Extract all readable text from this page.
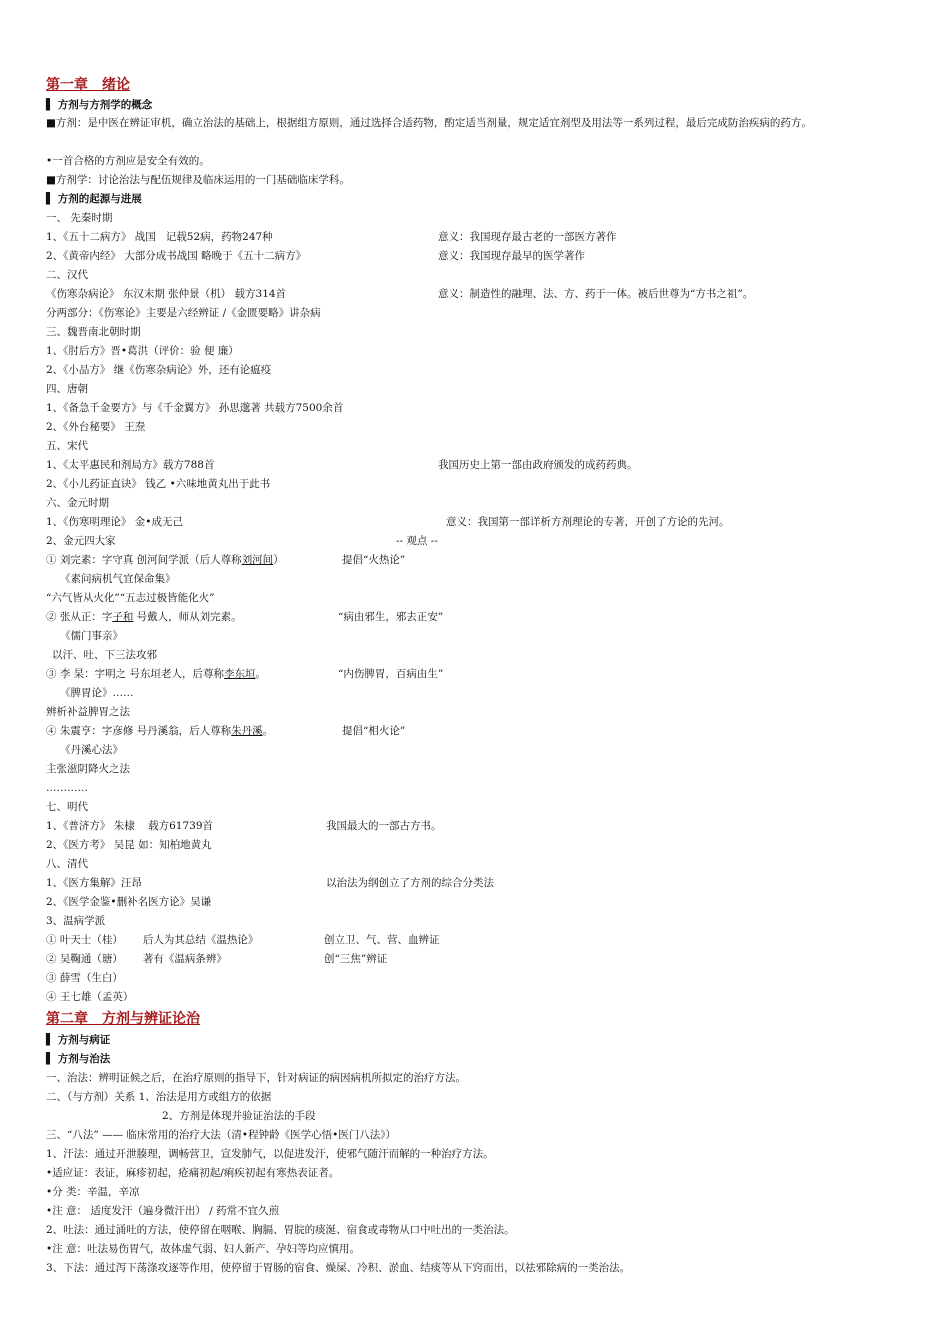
第一章　绪论
▌ 方剂与方剂学的概念
■方剂：是中医在辨证审机，确立治法的基础上，根据组方原则，通过选择合适药物，酌定适当剂量，规定适宜剂型及用法等一系列过程，最后完成防治疾病的药方。
•一首合格的方剂应是安全有效的。
■方剂学：讨论治法与配伍规律及临床运用的一门基础临床学科。
▌ 方剂的起源与进展
一、 先秦时期
1、《五十二病方》 战国   记载52病，药物247种	意义：我国现存最古老的一部医方著作
2、《黄帝内经》 大部分成书战国 略晚于《五十二病方》	意义：我国现存最早的医学著作
二、汉代
《伤寒杂病论》 东汉末期 张仲景（机） 载方314首	意义：制造性的融理、法、方、药于一体。被后世尊为“方书之祖”。
分两部分：《伤寒论》主要是六经辨证 /《金匮要略》讲杂病
三、魏晋南北朝时期
1、《肘后方》晋•葛洪（评价：验 便 廉）
2、《小品方》 继《伤寒杂病论》外，还有论瘟疫
四、唐朝
1、《备急千金要方》与《千金翼方》 孙思邈著 共载方7500余首
2、《外台秘要》 王焘
五、宋代
1、《太平惠民和剂局方》载方788首	我国历史上第一部由政府颁发的成药药典。
2、《小儿药证直诀》 钱乙 •六味地黄丸出于此书
六、金元时期
1、《伤寒明理论》 金•成无己	意义：我国第一部详析方剂理论的专著，开创了方论的先河。
2、金元四大家	-- 观点 --
① 刘完素：字守真 创河间学派（后人尊称刘河间）	提倡“火热论”
《素问病机气宜保命集》
“六气皆从火化”“五志过极皆能化火”
② 张从正：字子和 号戴人，师从刘完素。	“病由邪生，邪去正安”
《儒门事亲》
以汗、吐、下三法攻邪
③ 李 杲：字明之 号东垣老人，后尊称李东垣。	“内伤脾胃，百病由生”
《脾胃论》……
辨析补益脾胃之法
④ 朱震亨：字彦修 号丹溪翁，后人尊称朱丹溪。	提倡“相火论”
《丹溪心法》
主张滋阴降火之法
…………
七、明代
1、《普济方》 朱棣    载方61739首	我国最大的一部古方书。
2、《医方考》 吴昆 如：知柏地黄丸
八、清代
1、《医方集解》汪昂	以治法为纲创立了方剂的综合分类法
2、《医学金鉴•删补名医方论》吴谦
3、温病学派
① 叶天士（桂）      后人为其总结《温热论》	创立卫、气、营、血辨证
② 吴鞠通（瑭）      著有《温病条辨》	创“三焦”辨证
③ 薛雪（生白）
④ 王七雄（孟英）
第二章　方剂与辨证论治
▌ 方剂与病证
▌ 方剂与治法
一、治法：辨明证候之后，在治疗原则的指导下，针对病证的病因病机所拟定的治疗方法。
二、（与方剂）关系 1、治法是用方或组方的依据
2、方剂是体现并验证治法的手段
三、“八法” —— 临床常用的治疗大法（清•程钟龄《医学心悟•医门八法》）
1、汗法：通过开泄腠理，调畅营卫，宣发肺气，以促进发汗，使邪气随汗而解的一种治疗方法。
•适应证：表证，麻疹初起，疮痛初起/痢疾初起有寒热表证者。
•分 类：辛温，辛凉
•注 意： 适度发汗（遍身微汗出） / 药常不宜久煎
2、吐法：通过涌吐的方法，使停留在咽喉、胸膈、胃脘的痰涎、宿食或毒物从口中吐出的一类治法。
•注 意：吐法易伤胃气，故体虚气弱、妇人新产、孕妇等均应慎用。
3、下法：通过泻下荡涤攻逐等作用，使停留于胃肠的宿食、燥屎、冷积、淤血、结痰等从下窍而出，以祛邪除病的一类治法。
